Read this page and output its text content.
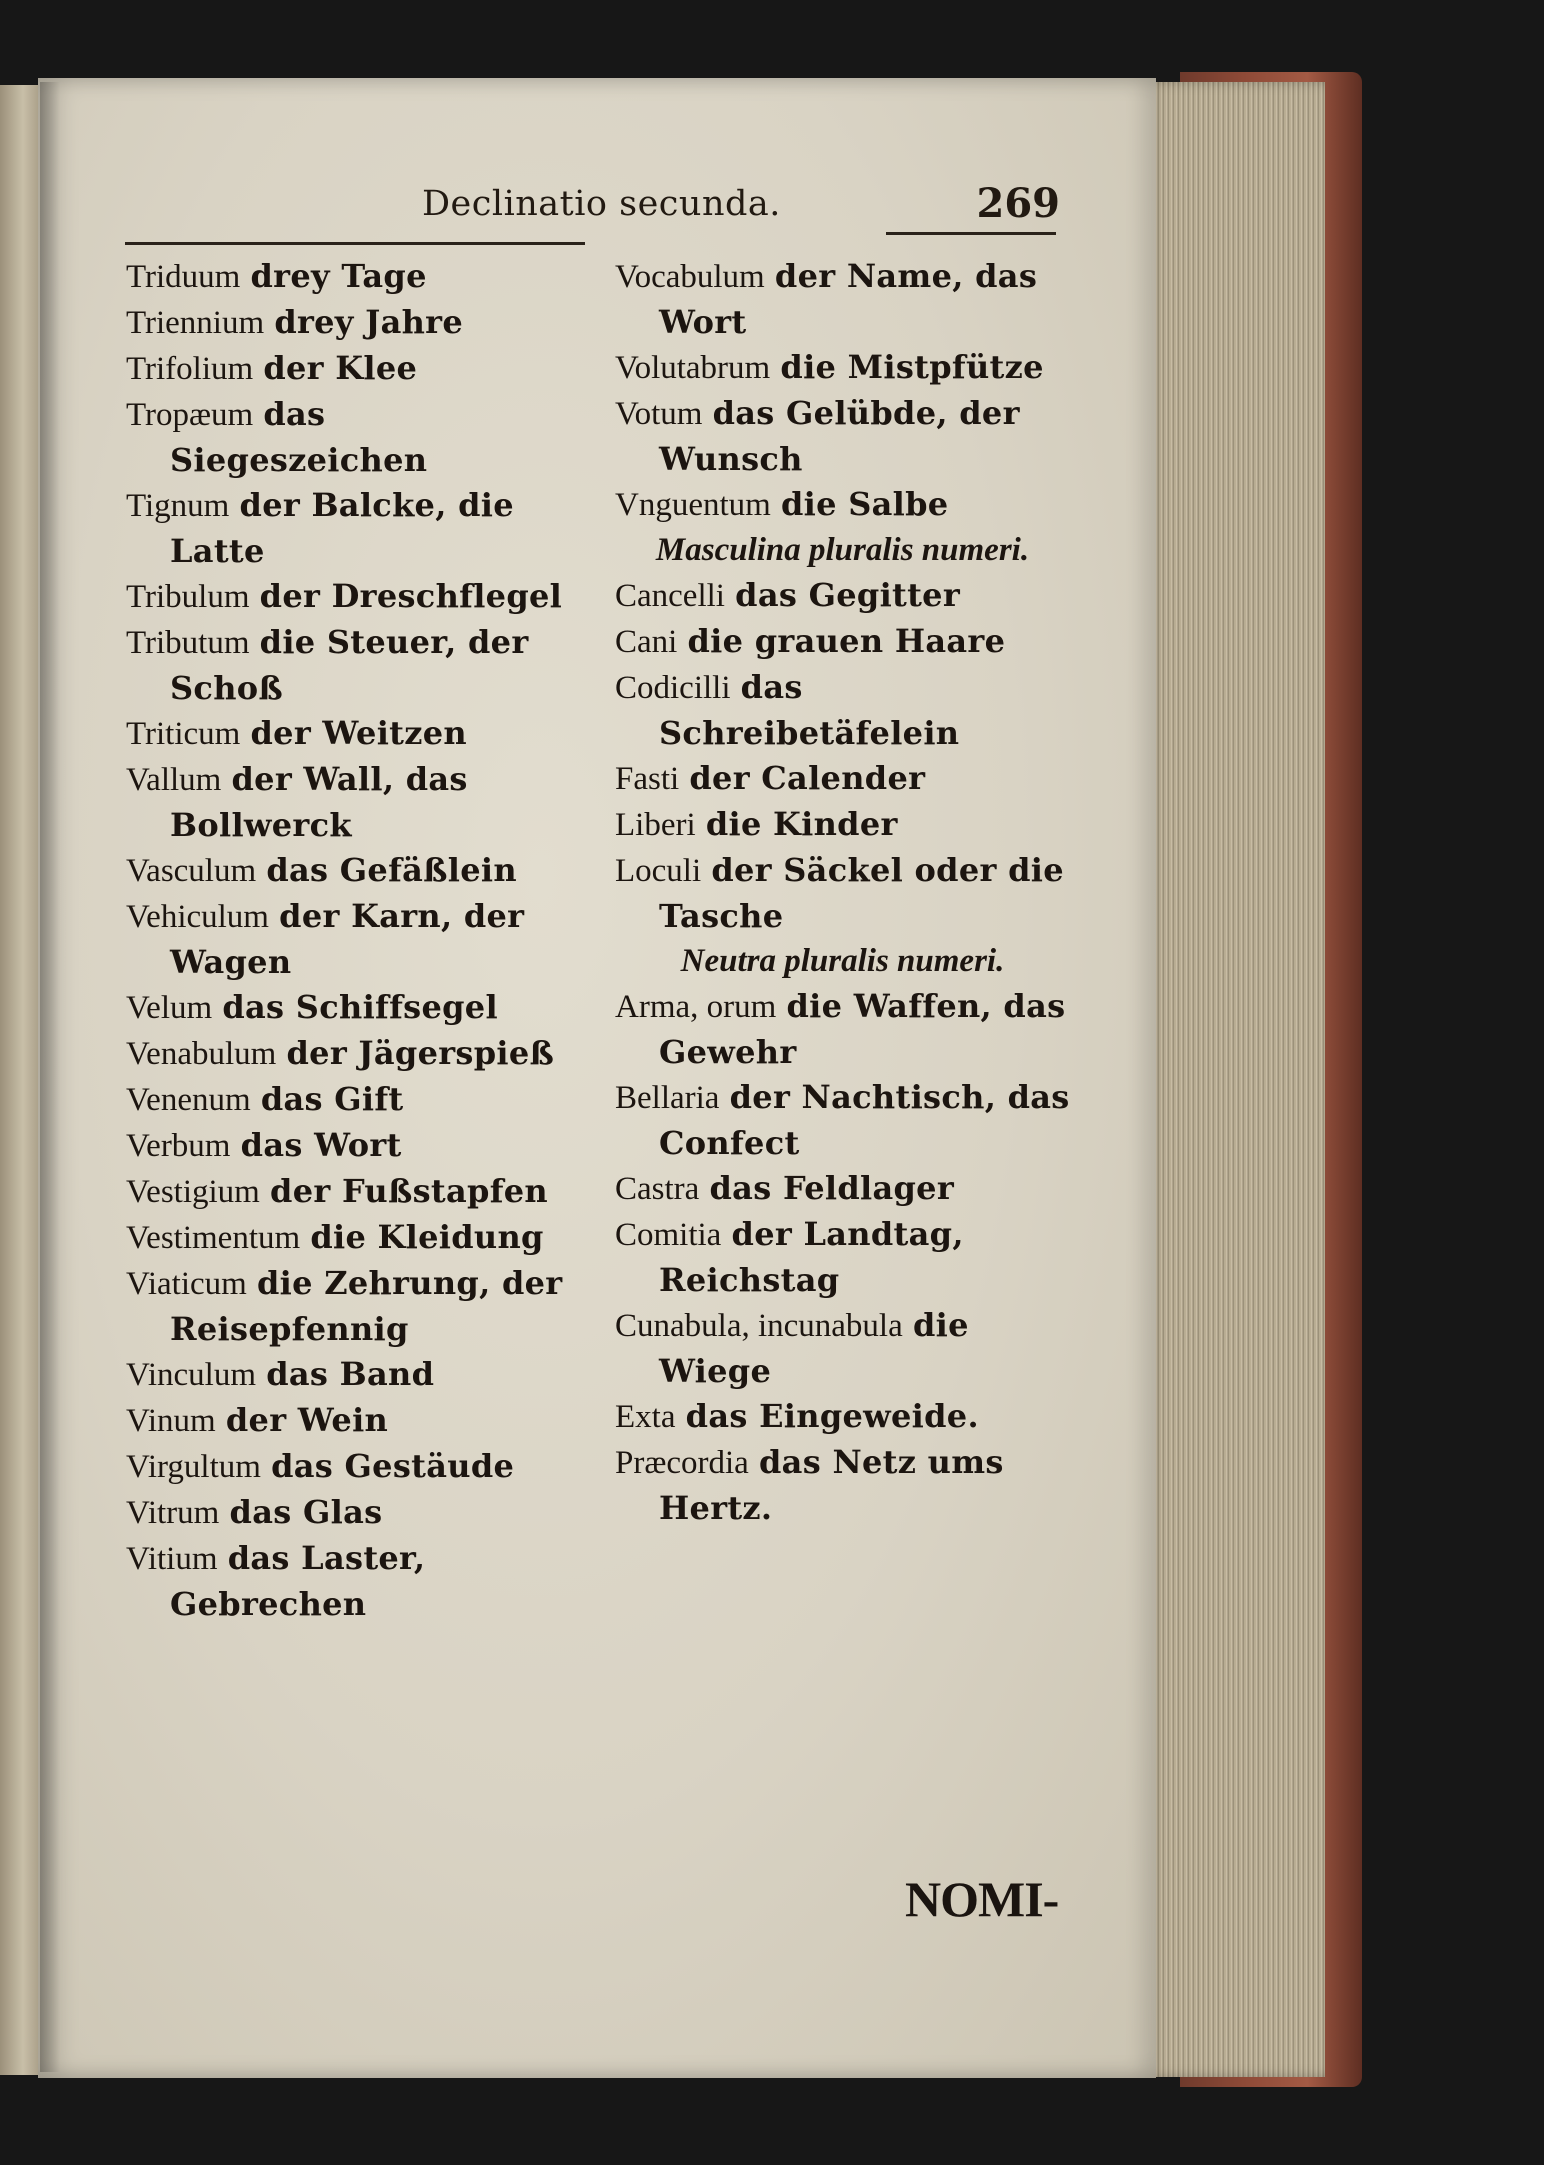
Declinatio secunda.	269
Triduum drey Tage
Triennium drey Jahre
Trifolium der Klee
Tropæum das Siegeszeichen
Tignum der Balcke, die Latte
Tribulum der Dreschflegel
Tributum die Steuer, der Schoß
Triticum der Weitzen
Vallum der Wall, das Bollwerck
Vasculum das Gefäßlein
Vehiculum der Karn, der Wagen
Velum das Schiffsegel
Venabulum der Jägerspieß
Venenum das Gift
Verbum das Wort
Vestigium der Fußstapfen
Vestimentum die Kleidung
Viaticum die Zehrung, der Reisepfennig
Vinculum das Band
Vinum der Wein
Virgultum das Gestäude
Vitrum das Glas
Vitium das Laster, Gebrechen
Vocabulum der Name, das Wort
Volutabrum die Mistpfütze
Votum das Gelübde, der Wunsch
Vnguentum die Salbe
Masculina pluralis numeri.
Cancelli das Gegitter
Cani die grauen Haare
Codicilli das Schreibetäfelein
Fasti der Calender
Liberi die Kinder
Loculi der Säckel oder die Tasche
Neutra pluralis numeri.
Arma, orum die Waffen, das Gewehr
Bellaria der Nachtisch, das Confect
Castra das Feldlager
Comitia der Landtag, Reichstag
Cunabula, incunabula die Wiege
Exta das Eingeweide.
Præcordia das Netz ums Hertz.
NOMI-
